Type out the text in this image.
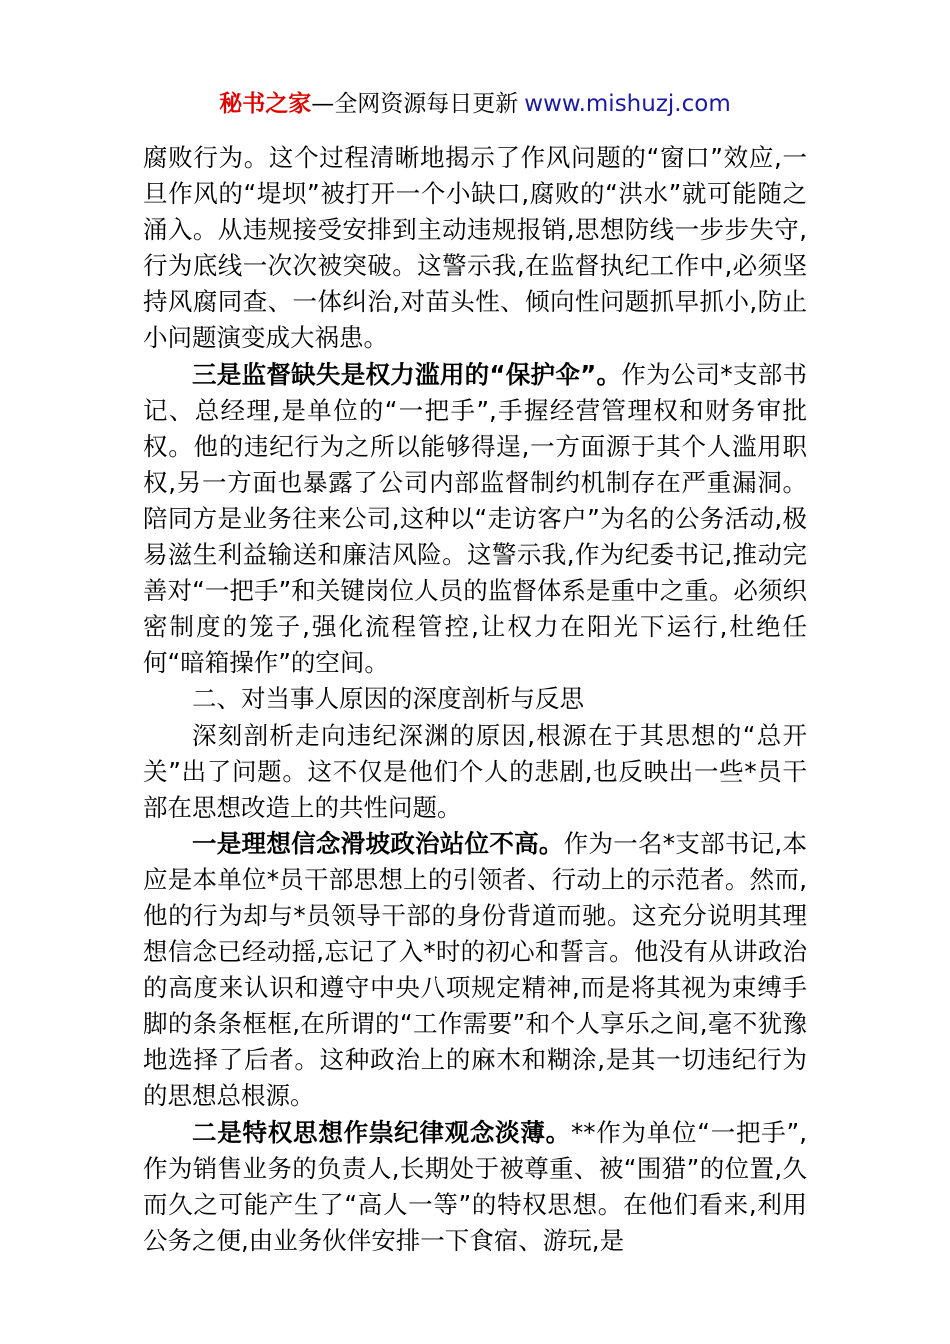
秘书之家—全网资源每日更新 www.mishuzj.com

腐败行为。这个过程清晰地揭示了作风问题的“窗口”效应,一旦作风的“堤坝”被打开一个小缺口,腐败的“洪水”就可能随之涌入。从违规接受安排到主动违规报销,思想防线一步步失守,行为底线一次次被突破。这警示我,在监督执纪工作中,必须坚持风腐同查、一体纠治,对苗头性、倾向性问题抓早抓小,防止小问题演变成大祸患。

三是监督缺失是权力滥用的“保护伞”。作为公司*支部书记、总经理,是单位的“一把手”,手握经营管理权和财务审批权。他的违纪行为之所以能够得逞,一方面源于其个人滥用职权,另一方面也暴露了公司内部监督制约机制存在严重漏洞。陪同方是业务往来公司,这种以“走访客户”为名的公务活动,极易滋生利益输送和廉洁风险。这警示我,作为纪委书记,推动完善对“一把手”和关键岗位人员的监督体系是重中之重。必须织密制度的笼子,强化流程管控,让权力在阳光下运行,杜绝任何“暗箱操作”的空间。

二、对当事人原因的深度剖析与反思

深刻剖析走向违纪深渊的原因,根源在于其思想的“总开关”出了问题。这不仅是他们个人的悲剧,也反映出一些*员干部在思想改造上的共性问题。

一是理想信念滑坡政治站位不高。作为一名*支部书记,本应是本单位*员干部思想上的引领者、行动上的示范者。然而,他的行为却与*员领导干部的身份背道而驰。这充分说明其理想信念已经动摇,忘记了入*时的初心和誓言。他没有从讲政治的高度来认识和遵守中央八项规定精神,而是将其视为束缚手脚的条条框框,在所谓的“工作需要”和个人享乐之间,毫不犹豫地选择了后者。这种政治上的麻木和糊涂,是其一切违纪行为的思想总根源。

二是特权思想作祟纪律观念淡薄。**作为单位“一把手”,作为销售业务的负责人,长期处于被尊重、被“围猎”的位置,久而久之可能产生了“高人一等”的特权思想。在他们看来,利用公务之便,由业务伙伴安排一下食宿、游玩,是
